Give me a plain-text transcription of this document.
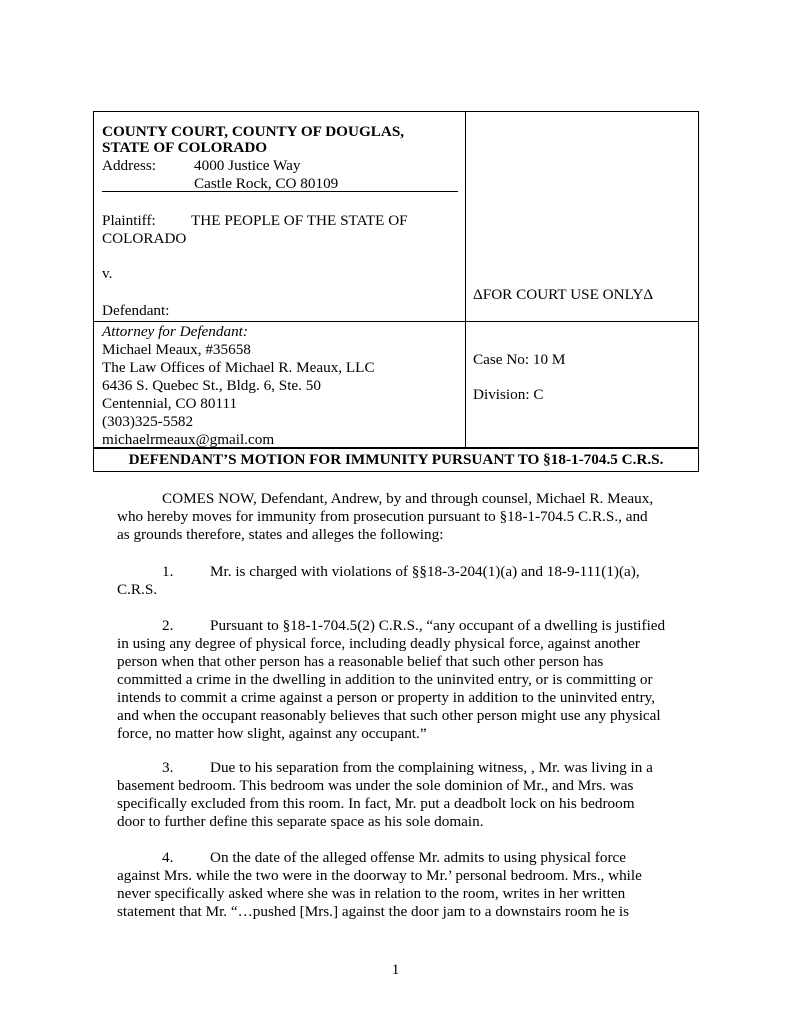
COUNTY COURT, COUNTY OF DOUGLAS,
STATE OF COLORADO
Address:	4000 Justice Way
Castle Rock, CO 80109
Plaintiff: THE PEOPLE OF THE STATE OF
COLORADO
v.
Defendant:
ΔFOR COURT USE ONLYΔ
Attorney for Defendant:
Michael Meaux, #35658
The Law Offices of Michael R. Meaux, LLC
6436 S. Quebec St., Bldg. 6, Ste. 50
Centennial, CO 80111
(303)325-5582
michaelrmeaux@gmail.com
Case No: 10 M
Division: C
DEFENDANT’S MOTION FOR IMMUNITY PURSUANT TO §18-1-704.5 C.R.S.

COMES NOW, Defendant, Andrew, by and through counsel, Michael R. Meaux,

who hereby moves for immunity from prosecution pursuant to §18-1-704.5 C.R.S., and

as grounds therefore, states and alleges the following:

1. Mr. is charged with violations of §§18-3-204(1)(a) and 18-9-111(1)(a),

C.R.S.

2. Pursuant to §18-1-704.5(2) C.R.S., “any occupant of a dwelling is justified

in using any degree of physical force, including deadly physical force, against another

person when that other person has a reasonable belief that such other person has

committed a crime in the dwelling in addition to the uninvited entry, or is committing or

intends to commit a crime against a person or property in addition to the uninvited entry,

and when the occupant reasonably believes that such other person might use any physical

force, no matter how slight, against any occupant.”

3. Due to his separation from the complaining witness, , Mr. was living in a

basement bedroom. This bedroom was under the sole dominion of Mr., and Mrs. was

specifically excluded from this room. In fact, Mr. put a deadbolt lock on his bedroom

door to further define this separate space as his sole domain.

4. On the date of the alleged offense Mr. admits to using physical force

against Mrs. while the two were in the doorway to Mr.’ personal bedroom. Mrs., while

never specifically asked where she was in relation to the room, writes in her written

statement that Mr. “…pushed [Mrs.] against the door jam to a downstairs room he is

1
